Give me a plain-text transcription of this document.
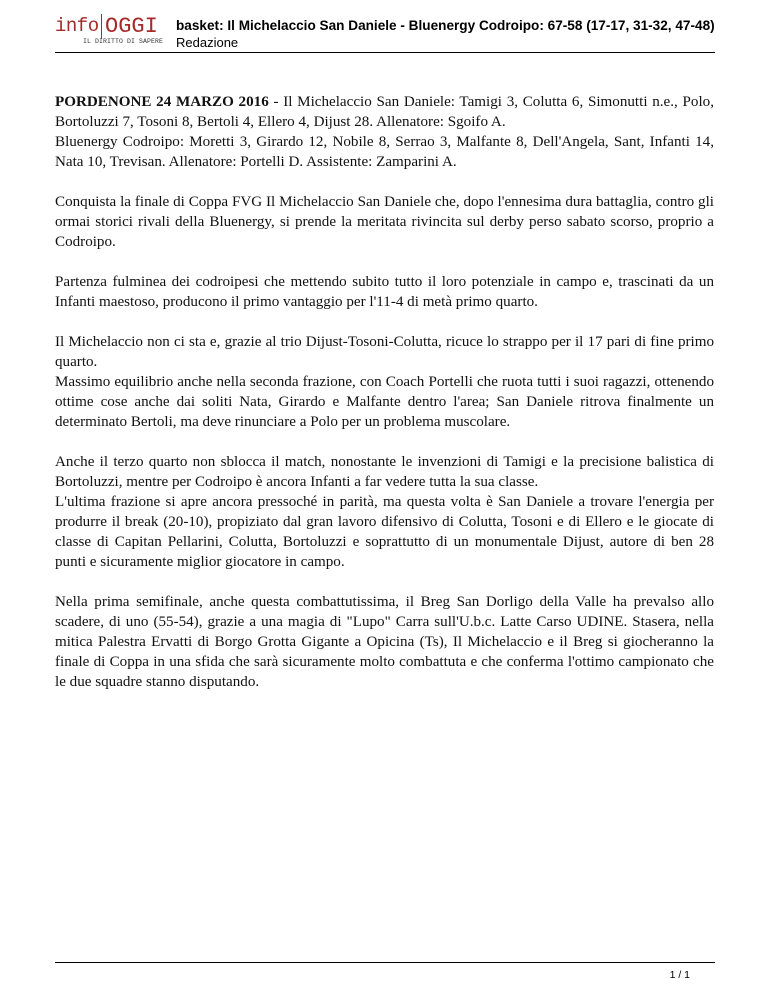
info OGGI
IL DIRITTO DI SAPERE
basket: Il Michelaccio San Daniele - Bluenergy Codroipo: 67-58 (17-17, 31-32, 47-48)
Redazione

PORDENONE 24 MARZO 2016 - Il Michelaccio San Daniele: Tamigi 3, Colutta 6, Simonutti n.e., Polo, Bortoluzzi 7, Tosoni 8, Bertoli 4, Ellero 4, Dijust 28. Allenatore: Sgoifo A.

Bluenergy Codroipo: Moretti 3, Girardo 12, Nobile 8, Serrao 3, Malfante 8, Dell'Angela, Sant, Infanti 14, Nata 10, Trevisan. Allenatore: Portelli D. Assistente: Zamparini A.

Conquista la finale di Coppa FVG Il Michelaccio San Daniele che, dopo l'ennesima dura battaglia, contro gli ormai storici rivali della Bluenergy, si prende la meritata rivincita sul derby perso sabato scorso, proprio a Codroipo.

Partenza fulminea dei codroipesi che mettendo subito tutto il loro potenziale in campo e, trascinati da un Infanti maestoso, producono il primo vantaggio per l'11-4 di metà primo quarto.

Il Michelaccio non ci sta e, grazie al trio Dijust-Tosoni-Colutta, ricuce lo strappo per il 17 pari di fine primo quarto.

Massimo equilibrio anche nella seconda frazione, con Coach Portelli che ruota tutti i suoi ragazzi, ottenendo ottime cose anche dai soliti Nata, Girardo e Malfante dentro l'area; San Daniele ritrova finalmente un determinato Bertoli, ma deve rinunciare a Polo per un problema muscolare.

Anche il terzo quarto non sblocca il match, nonostante le invenzioni di Tamigi e la precisione balistica di Bortoluzzi, mentre per Codroipo è ancora Infanti a far vedere tutta la sua classe.

L'ultima frazione si apre ancora pressoché in parità, ma questa volta è San Daniele a trovare l'energia per produrre il break (20-10), propiziato dal gran lavoro difensivo di Colutta, Tosoni e di Ellero e le giocate di classe di Capitan Pellarini, Colutta, Bortoluzzi e soprattutto di un monumentale Dijust, autore di ben 28 punti e sicuramente miglior giocatore in campo.

Nella prima semifinale, anche questa combattutissima, il Breg San Dorligo della Valle ha prevalso allo scadere, di uno (55-54), grazie a una magia di "Lupo" Carra sull'U.b.c. Latte Carso UDINE. Stasera, nella mitica Palestra Ervatti di Borgo Grotta Gigante a Opicina (Ts), Il Michelaccio e il Breg si giocheranno la finale di Coppa in una sfida che sarà sicuramente molto combattuta e che conferma l'ottimo campionato che le due squadre stanno disputando.

1 / 1
